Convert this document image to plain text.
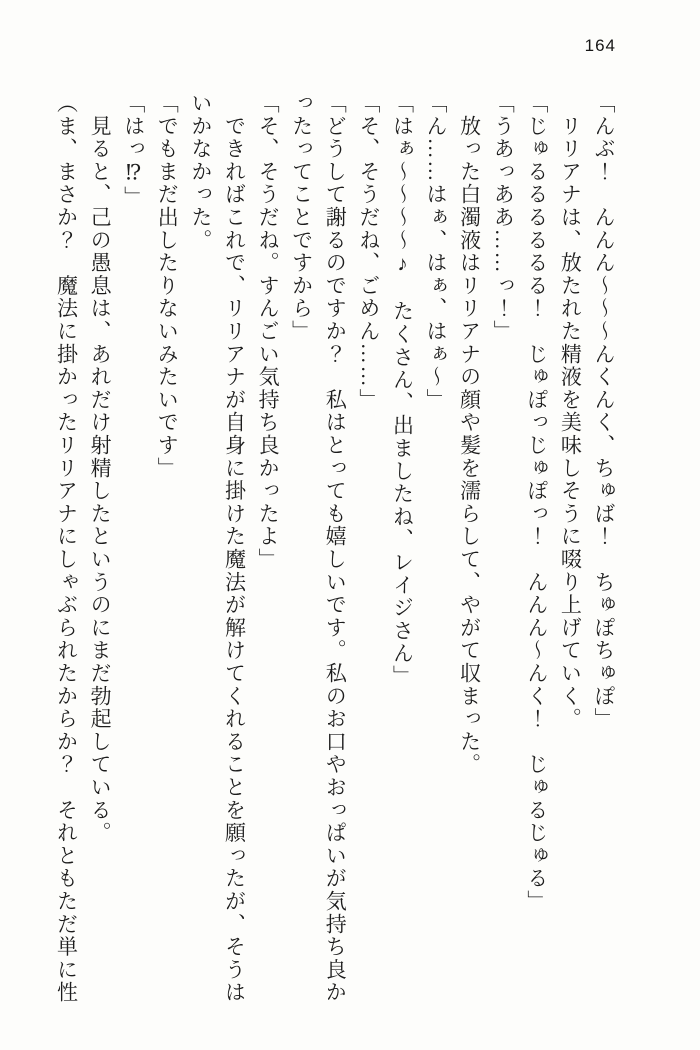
164
「んぶ！　んんん〜〜〜んくんく、ちゅば！　ちゅぽちゅぽ」
　リリアナは、放たれた精液を美味しそうに啜り上げていく。
「じゅるるるるるる！　じゅぽっじゅぽっ！　んんん〜んく！　じゅるじゅる」
「うあっああ……っ！」
　放った白濁液はリリアナの顔や髪を濡らして、やがて収まった。
「ん……はぁ、はぁ、はぁ〜」
「はぁ〜〜〜〜♪　たくさん、出ましたね、レイジさん」
「そ、そうだね、ごめん……」
「どうして謝るのですか？　私はとっても嬉しいです。私のお口やおっぱいが気持ち良か
ったってことですから」
「そ、そうだね。すんごい気持ち良かったよ」
　できればこれで、リリアナが自身に掛けた魔法が解けてくれることを願ったが、そうは
いかなかった。
「でもまだ出したりないみたいです」
「はっ⁉」
　見ると、己の愚息は、あれだけ射精したというのにまだ勃起している。
（ま、まさか？　魔法に掛かったリリアナにしゃぶられたからか？　それともただ単に性
